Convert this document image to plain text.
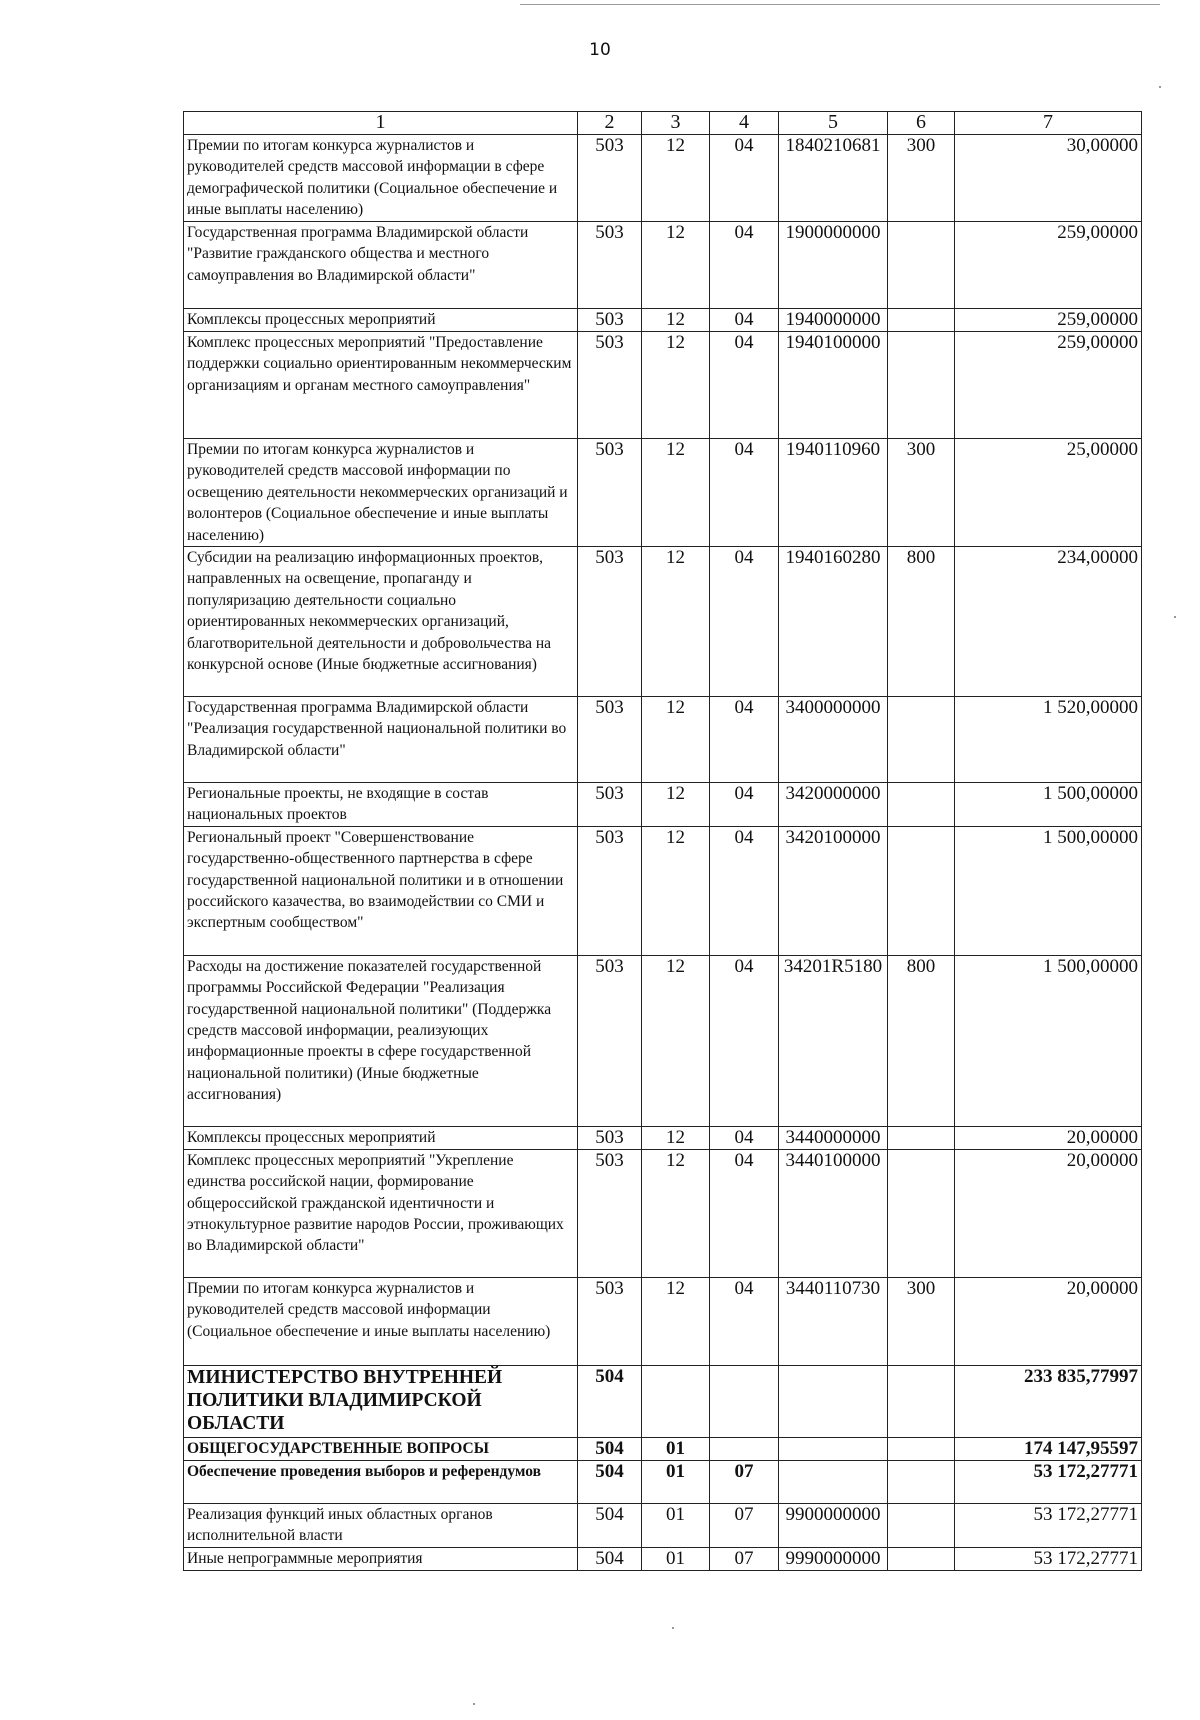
10
1	2	3	4	5	6	7
Премии по итогам конкурса журналистов и руководителей средств массовой информации в сфере демографической политики (Социальное обеспечение и иные выплаты населению)	503	12	04	1840210681	300	30,00000
Государственная программа Владимирской области "Развитие гражданского общества и местного самоуправления во Владимирской области"	503	12	04	1900000000		259,00000
Комплексы процессных мероприятий	503	12	04	1940000000		259,00000
Комплекс процессных мероприятий "Предоставление поддержки социально ориентированным некоммерческим организациям и органам местного самоуправления"	503	12	04	1940100000		259,00000
Премии по итогам конкурса журналистов и руководителей средств массовой информации по освещению деятельности некоммерческих организаций и волонтеров (Социальное обеспечение и иные выплаты населению)	503	12	04	1940110960	300	25,00000
Субсидии на реализацию информационных проектов, направленных на освещение, пропаганду и популяризацию деятельности социально ориентированных некоммерческих организаций, благотворительной деятельности и добровольчества на конкурсной основе (Иные бюджетные ассигнования)	503	12	04	1940160280	800	234,00000
Государственная программа Владимирской области "Реализация государственной национальной политики во Владимирской области"	503	12	04	3400000000		1 520,00000
Региональные проекты, не входящие в состав национальных проектов	503	12	04	3420000000		1 500,00000
Региональный проект "Совершенствование государственно-общественного партнерства в сфере государственной национальной политики и в отношении российского казачества, во взаимодействии со СМИ и экспертным сообществом"	503	12	04	3420100000		1 500,00000
Расходы на достижение показателей государственной программы Российской Федерации "Реализация государственной национальной политики" (Поддержка средств массовой информации, реализующих информационные проекты в сфере государственной национальной политики) (Иные бюджетные ассигнования)	503	12	04	34201R5180	800	1 500,00000
Комплексы процессных мероприятий	503	12	04	3440000000		20,00000
Комплекс процессных мероприятий "Укрепление единства российской нации, формирование общероссийской гражданской идентичности и этнокультурное развитие народов России, проживающих во Владимирской области"	503	12	04	3440100000		20,00000
Премии по итогам конкурса журналистов и руководителей средств массовой информации (Социальное обеспечение и иные выплаты населению)	503	12	04	3440110730	300	20,00000
МИНИСТЕРСТВО ВНУТРЕННЕЙ ПОЛИТИКИ ВЛАДИМИРСКОЙ ОБЛАСТИ	504					233 835,77997
ОБЩЕГОСУДАРСТВЕННЫЕ ВОПРОСЫ	504	01				174 147,95597
Обеспечение проведения выборов и референдумов	504	01	07			53 172,27771
Реализация функций иных областных органов исполнительной власти	504	01	07	9900000000		53 172,27771
Иные непрограммные мероприятия	504	01	07	9990000000		53 172,27771
